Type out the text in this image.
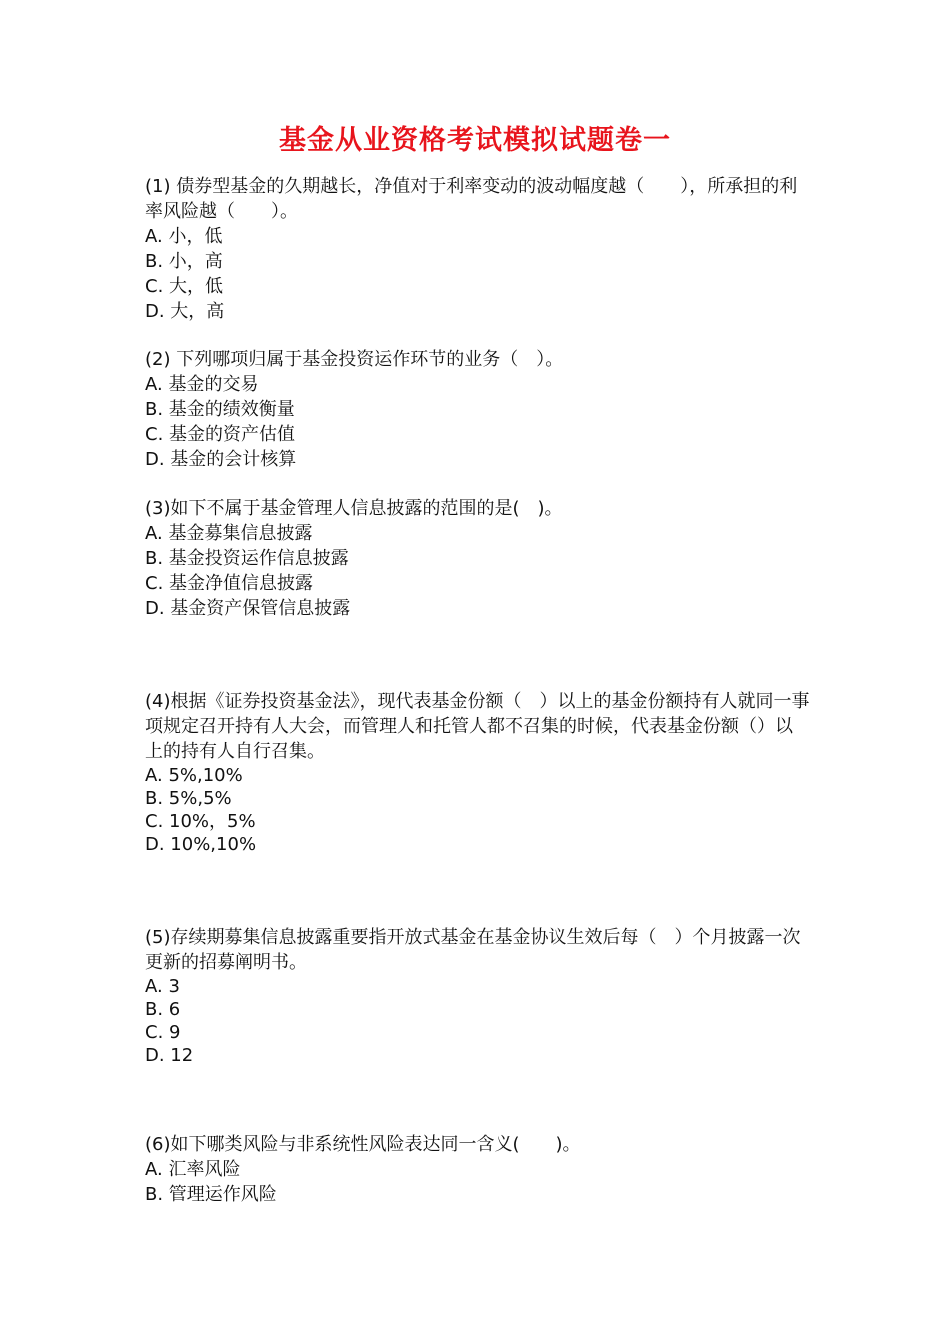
基金从业资格考试模拟试题卷一

(1) 债券型基金的久期越长，净值对于利率变动的波动幅度越（　　），所承担的利率风险越（　　）。

A. 小，低

B. 小，高

C. 大，低

D. 大，高

(2) 下列哪项归属于基金投资运作环节的业务（　）。

A. 基金的交易

B. 基金的绩效衡量

C. 基金的资产估值

D. 基金的会计核算

(3)如下不属于基金管理人信息披露的范围的是(　)。

A. 基金募集信息披露

B. 基金投资运作信息披露

C. 基金净值信息披露

D. 基金资产保管信息披露

(4)根据《证券投资基金法》，现代表基金份额（　）以上的基金份额持有人就同一事项规定召开持有人大会，而管理人和托管人都不召集的时候，代表基金份额（）以上的持有人自行召集。

A. 5%,10%

B. 5%,5%

C. 10%，5%

D. 10%,10%

(5)存续期募集信息披露重要指开放式基金在基金协议生效后每（　）个月披露一次更新的招募阐明书。

A. 3

B. 6

C. 9

D. 12

(6)如下哪类风险与非系统性风险表达同一含义(　　)。

A. 汇率风险

B. 管理运作风险
